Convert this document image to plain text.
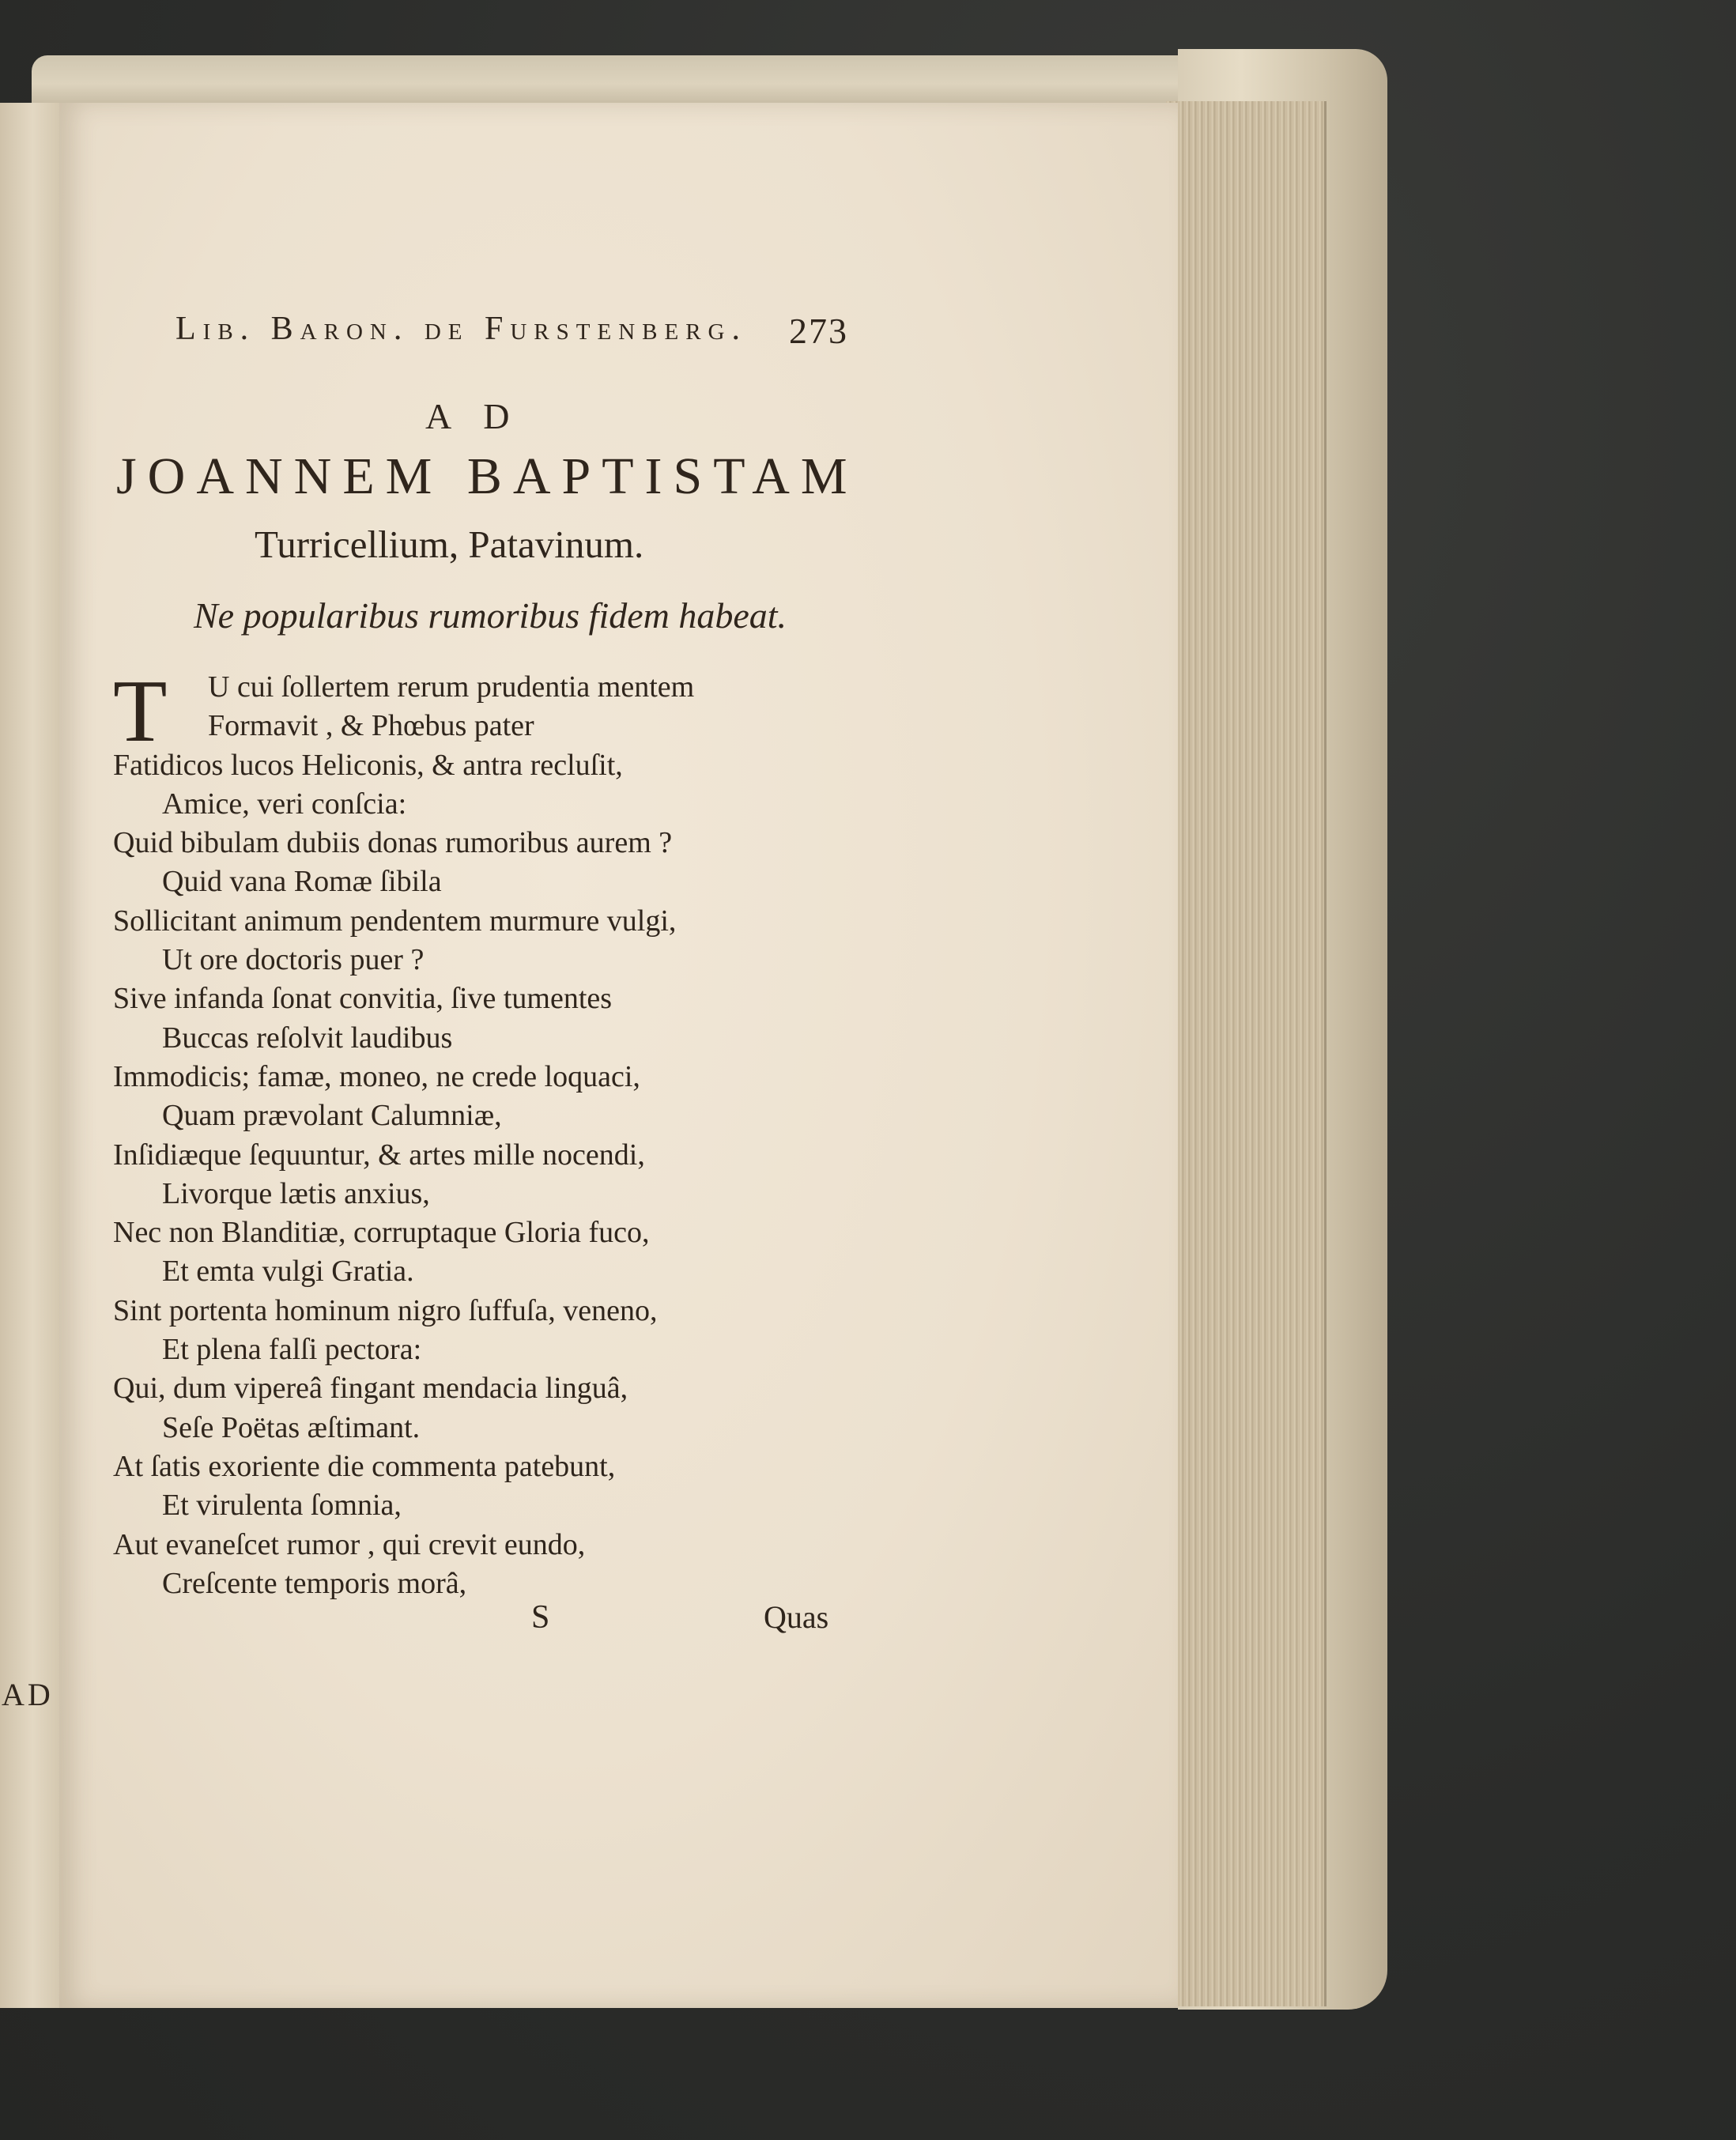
AD
Lib. Baron. de Furstenberg. 273
AD
JOANNEM BAPTISTAM
Turricellium, Patavinum.
Ne popularibus rumoribus fidem habeat.
T	U cui ſollertem rerum prudentia mentem
Formavit , & Phœbus pater
Fatidicos lucos Heliconis, & antra recluſit,
Amice, veri conſcia:
Quid bibulam dubiis donas rumoribus aurem ?
Quid vana Romæ ſibila
Sollicitant animum pendentem murmure vulgi,
Ut ore doctoris puer ?
Sive infanda ſonat convitia, ſive tumentes
Buccas reſolvit laudibus
Immodicis; famæ, moneo, ne crede loquaci,
Quam prævolant Calumniæ,
Inſidiæque ſequuntur, & artes mille nocendi,
Livorque lætis anxius,
Nec non Blanditiæ, corruptaque Gloria fuco,
Et emta vulgi Gratia.
Sint portenta hominum nigro ſuffuſa, veneno,
Et plena falſi pectora:
Qui, dum vipereâ fingant mendacia linguâ,
Seſe Poëtas æſtimant.
At ſatis exoriente die commenta patebunt,
Et virulenta ſomnia,
Aut evaneſcet rumor , qui crevit eundo,
Creſcente temporis morâ,
S	Quas
